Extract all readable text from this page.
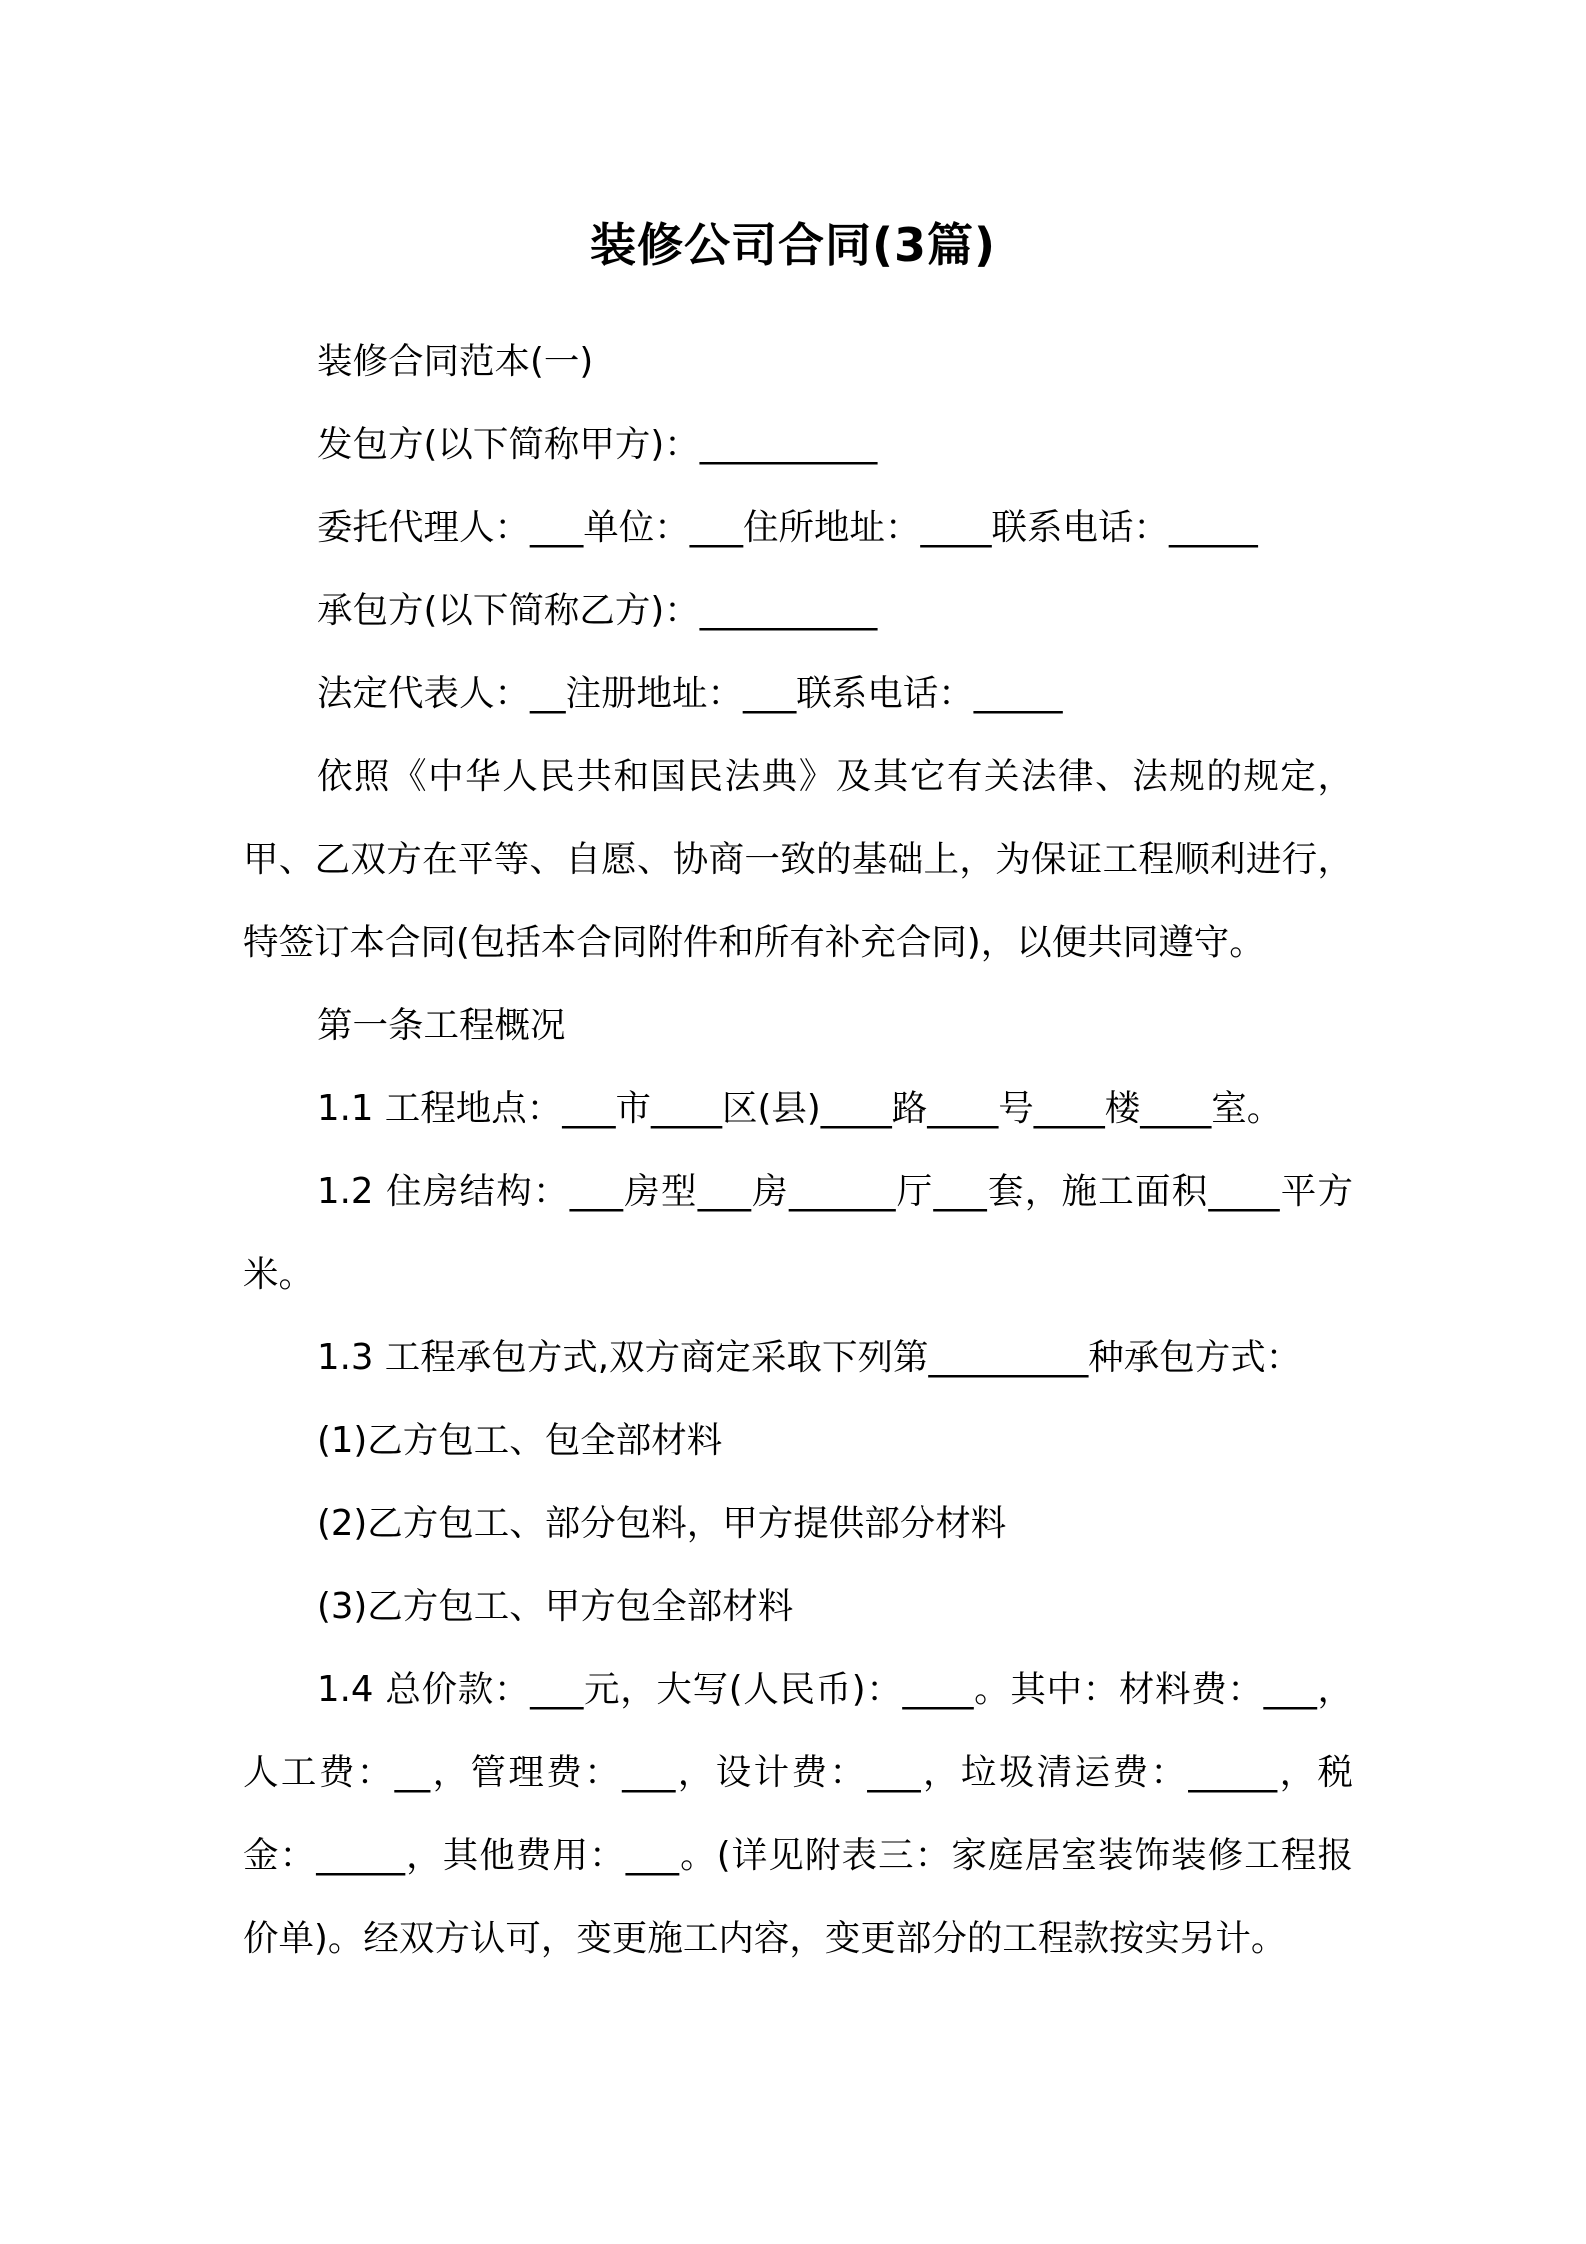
装修公司合同(3篇)

装修合同范本(一)

发包方(以下简称甲方)：__________

委托代理人：___单位：___住所地址：____联系电话：_____

承包方(以下简称乙方)：__________

法定代表人：__注册地址：___联系电话：_____

依照《中华人民共和国民法典》及其它有关法律、法规的规定，甲、乙双方在平等、自愿、协商一致的基础上，为保证工程顺利进行，特签订本合同(包括本合同附件和所有补充合同)，以便共同遵守。

第一条工程概况

1.1 工程地点：___市____区(县)____路____号____楼____室。

1.2 住房结构：___房型___房______厅___套，施工面积____平方米。

1.3 工程承包方式,双方商定采取下列第_________种承包方式：

(1)乙方包工、包全部材料

(2)乙方包工、部分包料，甲方提供部分材料

(3)乙方包工、甲方包全部材料

1.4 总价款：___元，大写(人民币)：____。其中：材料费：___，人工费：__，管理费：___，设计费：___，垃圾清运费：_____，税金：_____，其他费用：___。(详见附表三：家庭居室装饰装修工程报价单)。经双方认可，变更施工内容，变更部分的工程款按实另计。
